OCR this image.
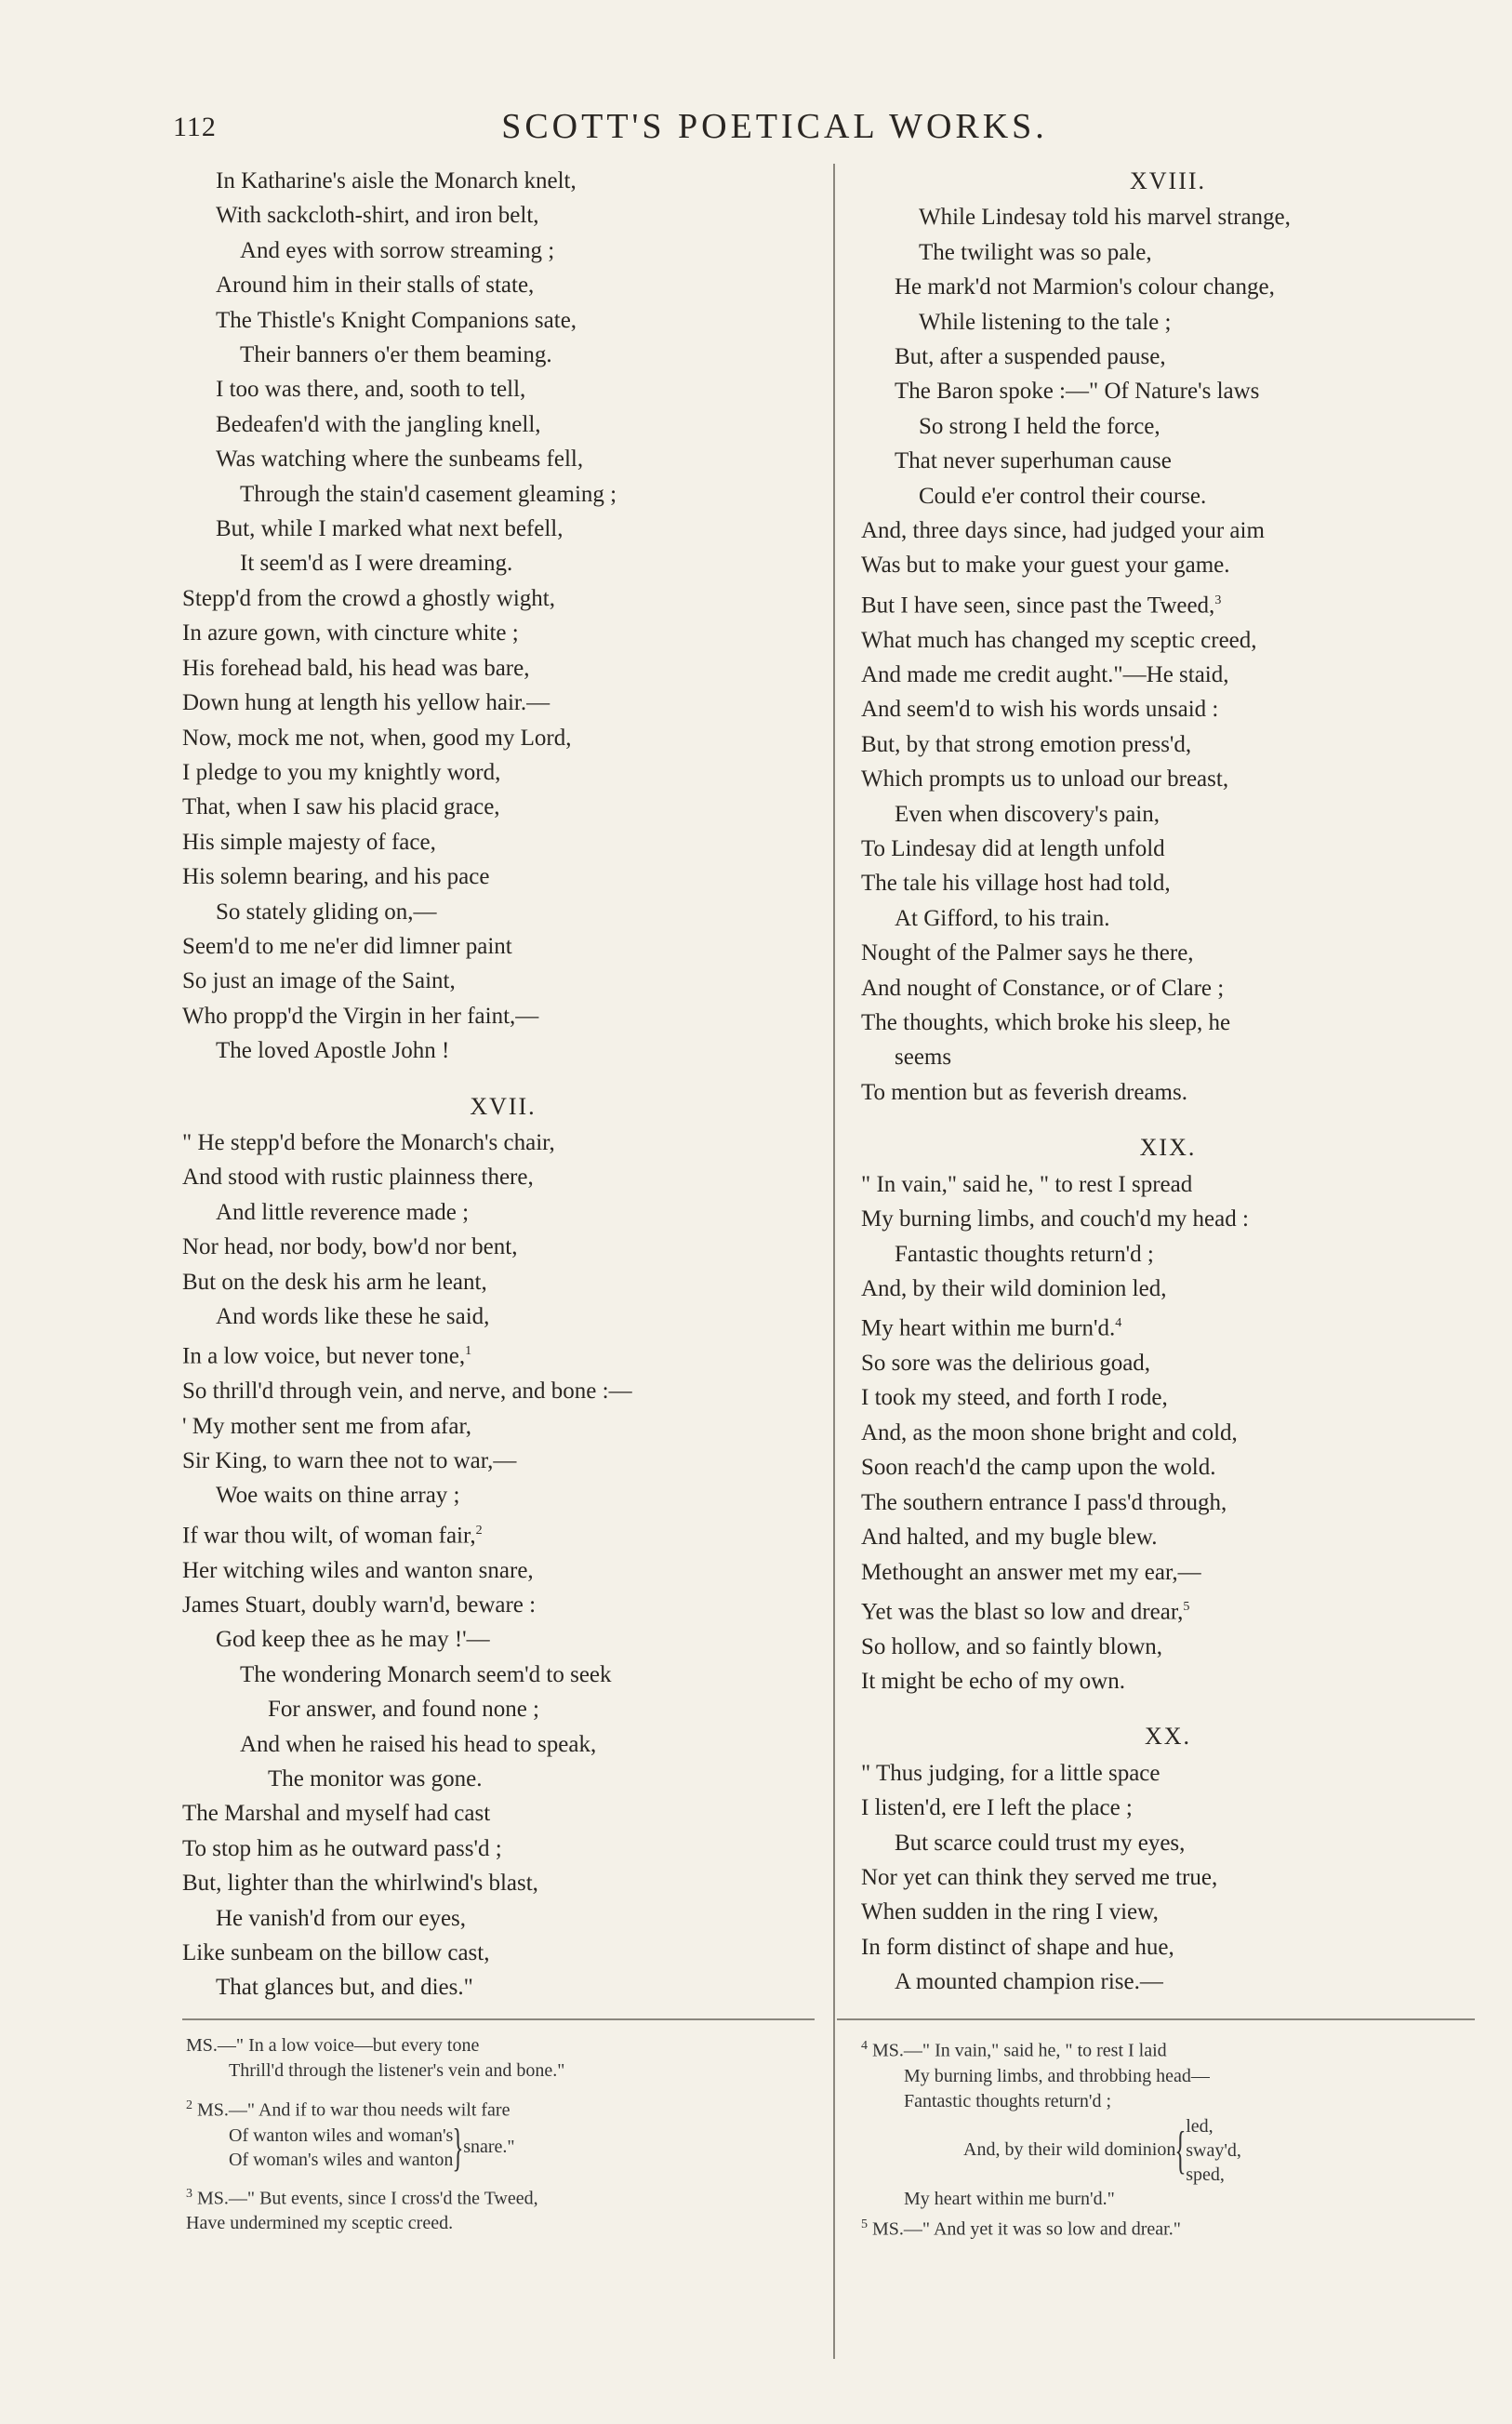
112	SCOTT'S POETICAL WORKS.
In Katharine's aisle the Monarch knelt,
With sackcloth-shirt, and iron belt,
And eyes with sorrow streaming ;
Around him in their stalls of state,
The Thistle's Knight Companions sate,
Their banners o'er them beaming.
I too was there, and, sooth to tell,
Bedeafen'd with the jangling knell,
Was watching where the sunbeams fell,
Through the stain'd casement gleaming ;
But, while I marked what next befell,
It seem'd as I were dreaming.
Stepp'd from the crowd a ghostly wight,
In azure gown, with cincture white ;
His forehead bald, his head was bare,
Down hung at length his yellow hair.—
Now, mock me not, when, good my Lord,
I pledge to you my knightly word,
That, when I saw his placid grace,
His simple majesty of face,
His solemn bearing, and his pace
So stately gliding on,—
Seem'd to me ne'er did limner paint
So just an image of the Saint,
Who propp'd the Virgin in her faint,—
The loved Apostle John !
XVII.
" He stepp'd before the Monarch's chair,
And stood with rustic plainness there,
And little reverence made ;
Nor head, nor body, bow'd nor bent,
But on the desk his arm he leant,
And words like these he said,
In a low voice, but never tone,$^1$
So thrill'd through vein, and nerve, and bone :—
' My mother sent me from afar,
Sir King, to warn thee not to war,—
Woe waits on thine array ;
If war thou wilt, of woman fair,$^2$
Her witching wiles and wanton snare,
James Stuart, doubly warn'd, beware :
God keep thee as he may !'—
The wondering Monarch seem'd to seek
For answer, and found none ;
And when he raised his head to speak,
The monitor was gone.
The Marshal and myself had cast
To stop him as he outward pass'd ;
But, lighter than the whirlwind's blast,
He vanish'd from our eyes,
Like sunbeam on the billow cast,
That glances but, and dies."
XVIII.
While Lindesay told his marvel strange,
The twilight was so pale,
He mark'd not Marmion's colour change,
While listening to the tale ;
But, after a suspended pause,
The Baron spoke :—" Of Nature's laws
So strong I held the force,
That never superhuman cause
Could e'er control their course.
And, three days since, had judged your aim
Was but to make your guest your game.
But I have seen, since past the Tweed,$^3$
What much has changed my sceptic creed,
And made me credit aught."—He staid,
And seem'd to wish his words unsaid :
But, by that strong emotion press'd,
Which prompts us to unload our breast,
Even when discovery's pain,
To Lindesay did at length unfold
The tale his village host had told,
At Gifford, to his train.
Nought of the Palmer says he there,
And nought of Constance, or of Clare ;
The thoughts, which broke his sleep, he
seems
To mention but as feverish dreams.
XIX.
" In vain," said he, " to rest I spread
My burning limbs, and couch'd my head :
Fantastic thoughts return'd ;
And, by their wild dominion led,
My heart within me burn'd.$^4$
So sore was the delirious goad,
I took my steed, and forth I rode,
And, as the moon shone bright and cold,
Soon reach'd the camp upon the wold.
The southern entrance I pass'd through,
And halted, and my bugle blew.
Methought an answer met my ear,—
Yet was the blast so low and drear,$^5$
So hollow, and so faintly blown,
It might be echo of my own.
XX.
" Thus judging, for a little space
I listen'd, ere I left the place ;
But scarce could trust my eyes,
Nor yet can think they served me true,
When sudden in the ring I view,
In form distinct of shape and hue,
A mounted champion rise.—
MS.—" In a low voice—but every tone
Thrill'd through the listener's vein and bone."
$^2$ MS.—" And if to war thou needs wilt fare
Of wanton wiles and woman's
Of woman's wiles and wanton } snare."
$^3$ MS.—" But events, since I cross'd the Tweed,
Have undermined my sceptic creed.
$^4$ MS.—" In vain," said he, " to rest I laid
My burning limbs, and throbbing head—
Fantastic thoughts return'd ;
And, by their wild dominion { led,
sway'd,
sped,
My heart within me burn'd."
$^5$ MS.—" And yet it was so low and drear."
